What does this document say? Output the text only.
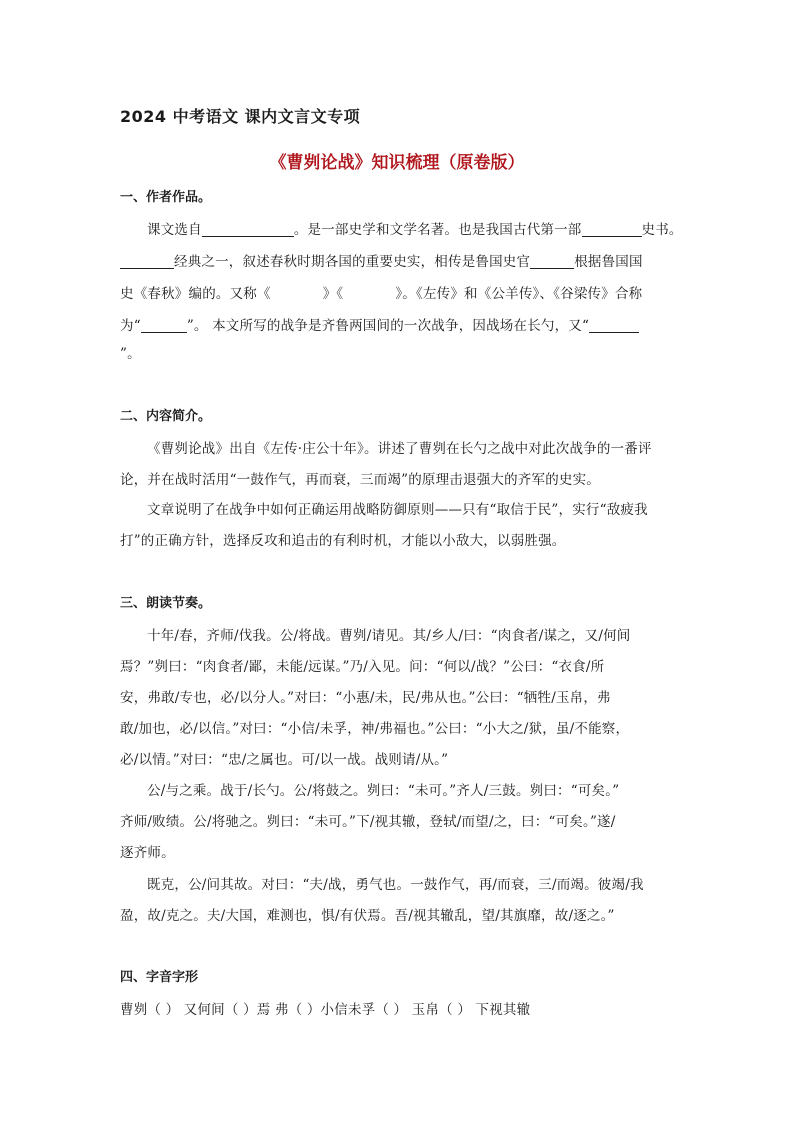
2024 中考语文 课内文言文专项
《曹刿论战》知识梳理（原卷版）
一、作者作品。
课文选自	。是一部史学和文学名著。也是我国古代第一部	史书。
经典之一，叙述春秋时期各国的重要史实，相传是鲁国史官	根据鲁国国
史《春秋》编的。又称《	》《	》。《左传》和《公羊传》、《谷梁传》合称
为“	”。 本文所写的战争是齐鲁两国间的一次战争，因战场在长勺，又“
”。
二、内容简介。
《曹刿论战》出自《左传·庄公十年》。讲述了曹刿在长勺之战中对此次战争的一番评
论，并在战时活用“一鼓作气，再而衰，三而竭”的原理击退强大的齐军的史实。
文章说明了在战争中如何正确运用战略防御原则——只有“取信于民”，实行“敌疲我
打”的正确方针，选择反攻和追击的有利时机，才能以小敌大，以弱胜强。
三、朗读节奏。
十年/春，齐师/伐我。公/将战。曹刿/请见。其/乡人/曰：“肉食者/谋之，又/何间
焉？”刿曰：“肉食者/鄙，未能/远谋。”乃/入见。问：“何以/战？”公曰：“衣食/所
安，弗敢/专也，必/以分人。”对曰：“小惠/未，民/弗从也。”公曰：“牺牲/玉帛，弗
敢/加也，必/以信。”对曰：“小信/未孚，神/弗福也。”公曰：“小大之/狱，虽/不能察，
必/以情。”对曰：“忠/之属也。可/以一战。战则请/从。”
公/与之乘。战于/长勺。公/将鼓之。刿曰：“未可。”齐人/三鼓。刿曰：“可矣。”
齐师/败绩。公/将驰之。刿曰：“未可。”下/视其辙，登轼/而望/之，曰：“可矣。”遂/
逐齐师。
既克，公/问其故。对曰：“夫/战，勇气也。一鼓作气，再/而衰，三/而竭。彼竭/我
盈，故/克之。夫/大国，难测也，惧/有伏焉。吾/视其辙乱，望/其旗靡，故/逐之。”
四、字音字形
曹刿（ ） 又何间（ ）焉 弗（ ）小信未孚（ ） 玉帛（ ） 下视其辙
